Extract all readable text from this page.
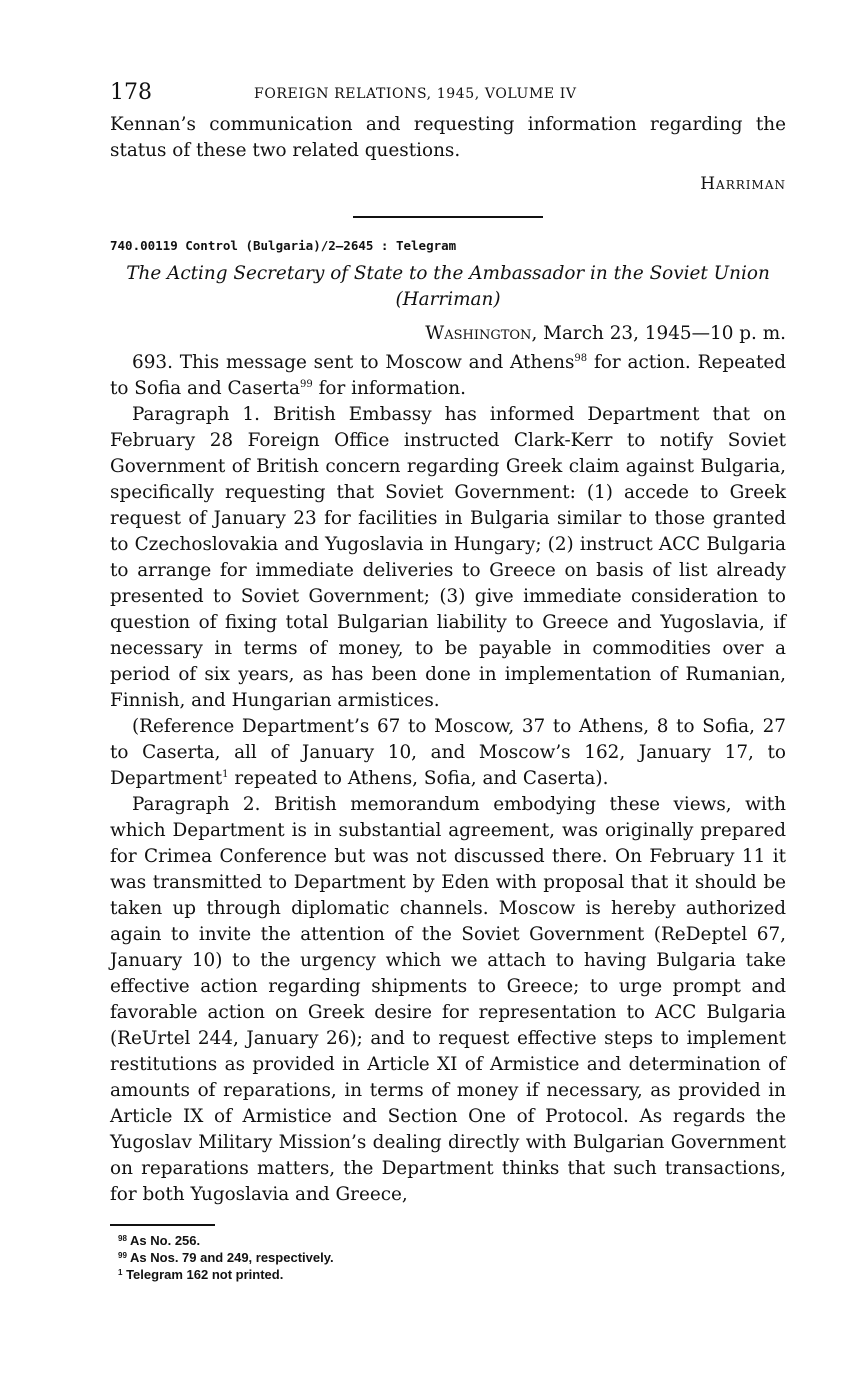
178	FOREIGN RELATIONS, 1945, VOLUME IV

Kennan’s communication and requesting information regarding the status of these two related questions.

Harriman
740.00119 Control (Bulgaria)/2–2645 : Telegram
The Acting Secretary of State to the Ambassador in the Soviet Union
(Harriman)
Washington, March 23, 1945—10 p. m.

693. This message sent to Moscow and Athens$^{98}$ for action. Repeated to Sofia and Caserta$^{99}$ for information.

Paragraph 1. British Embassy has informed Department that on February 28 Foreign Office instructed Clark-Kerr to notify Soviet Government of British concern regarding Greek claim against Bulgaria, specifically requesting that Soviet Government: (1) accede to Greek request of January 23 for facilities in Bulgaria similar to those granted to Czechoslovakia and Yugoslavia in Hungary; (2) instruct ACC Bulgaria to arrange for immediate deliveries to Greece on basis of list already presented to Soviet Government; (3) give immediate consideration to question of fixing total Bulgarian liability to Greece and Yugoslavia, if necessary in terms of money, to be payable in commodities over a period of six years, as has been done in implementation of Rumanian, Finnish, and Hungarian armistices.

(Reference Department’s 67 to Moscow, 37 to Athens, 8 to Sofia, 27 to Caserta, all of January 10, and Moscow’s 162, January 17, to Department$^1$ repeated to Athens, Sofia, and Caserta).

Paragraph 2. British memorandum embodying these views, with which Department is in substantial agreement, was originally prepared for Crimea Conference but was not discussed there. On February 11 it was transmitted to Department by Eden with proposal that it should be taken up through diplomatic channels. Moscow is hereby authorized again to invite the attention of the Soviet Government (ReDeptel 67, January 10) to the urgency which we attach to having Bulgaria take effective action regarding shipments to Greece; to urge prompt and favorable action on Greek desire for representation to ACC Bulgaria (ReUrtel 244, January 26); and to request effective steps to implement restitutions as provided in Article XI of Armistice and determination of amounts of reparations, in terms of money if necessary, as provided in Article IX of Armistice and Section One of Protocol. As regards the Yugoslav Military Mission’s dealing directly with Bulgarian Government on reparations matters, the Department thinks that such transactions, for both Yugoslavia and Greece,

$^{98}$ As No. 256.
$^{99}$ As Nos. 79 and 249, respectively.
$^1$ Telegram 162 not printed.
